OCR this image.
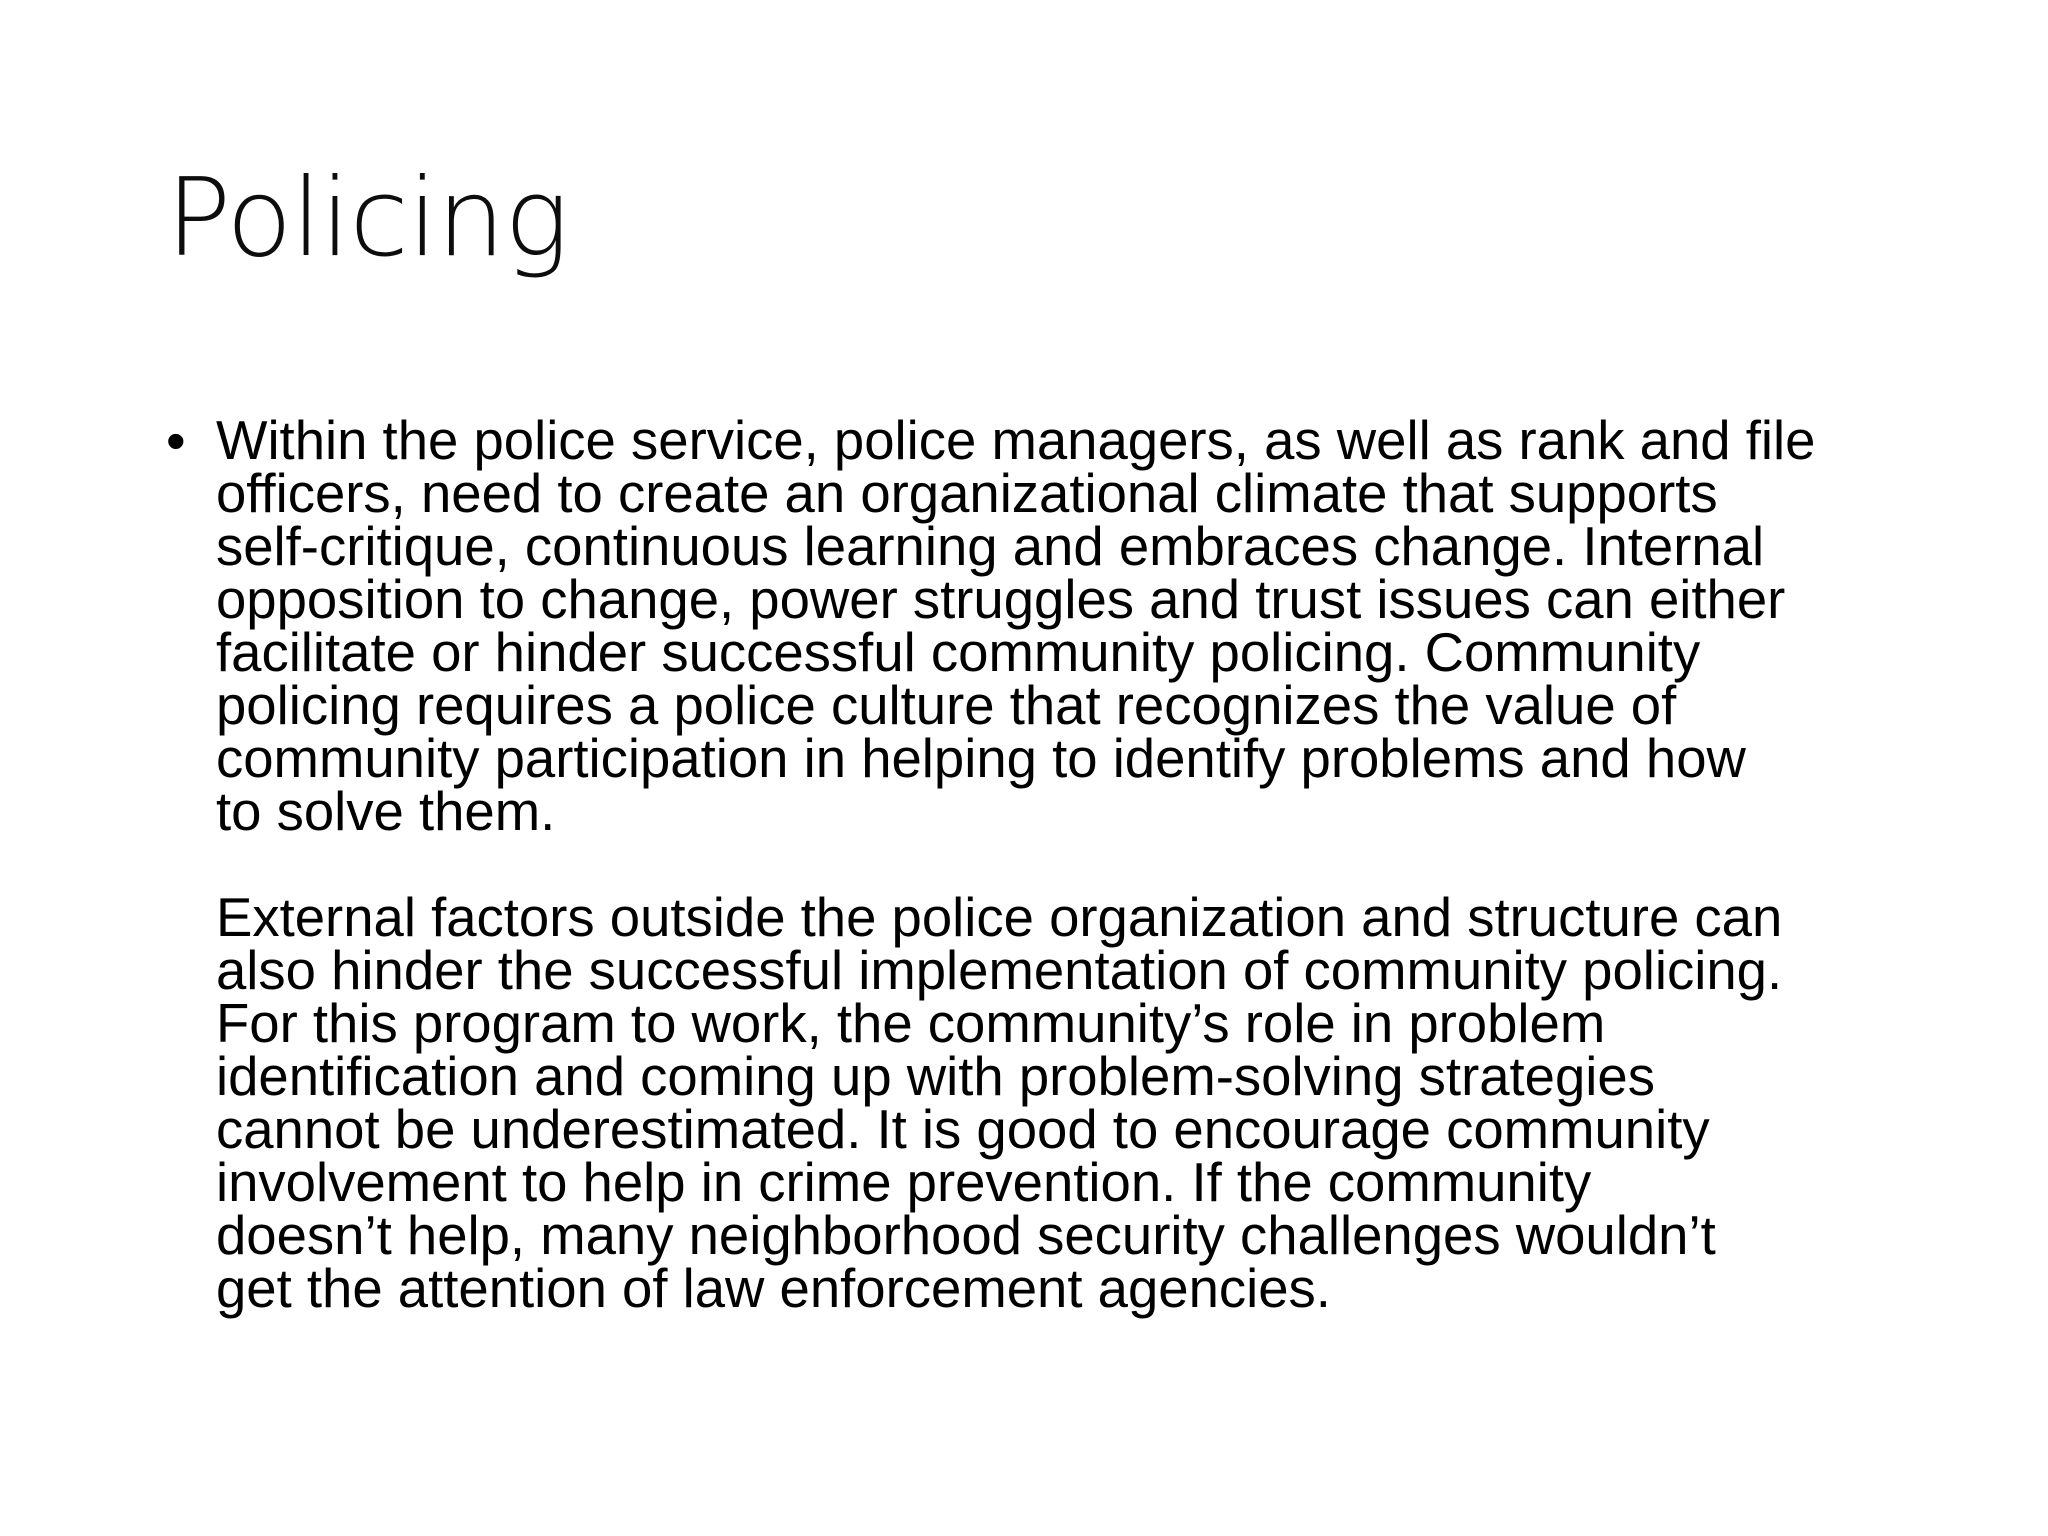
Policing
• Within the police service, police managers, as well as rank and file
officers, need to create an organizational climate that supports
self-critique, continuous learning and embraces change. Internal
opposition to change, power struggles and trust issues can either
facilitate or hinder successful community policing. Community
policing requires a police culture that recognizes the value of
community participation in helping to identify problems and how
to solve them.

External factors outside the police organization and structure can
also hinder the successful implementation of community policing.
For this program to work, the community’s role in problem
identification and coming up with problem-solving strategies
cannot be underestimated. It is good to encourage community
involvement to help in crime prevention. If the community
doesn’t help, many neighborhood security challenges wouldn’t
get the attention of law enforcement agencies.
